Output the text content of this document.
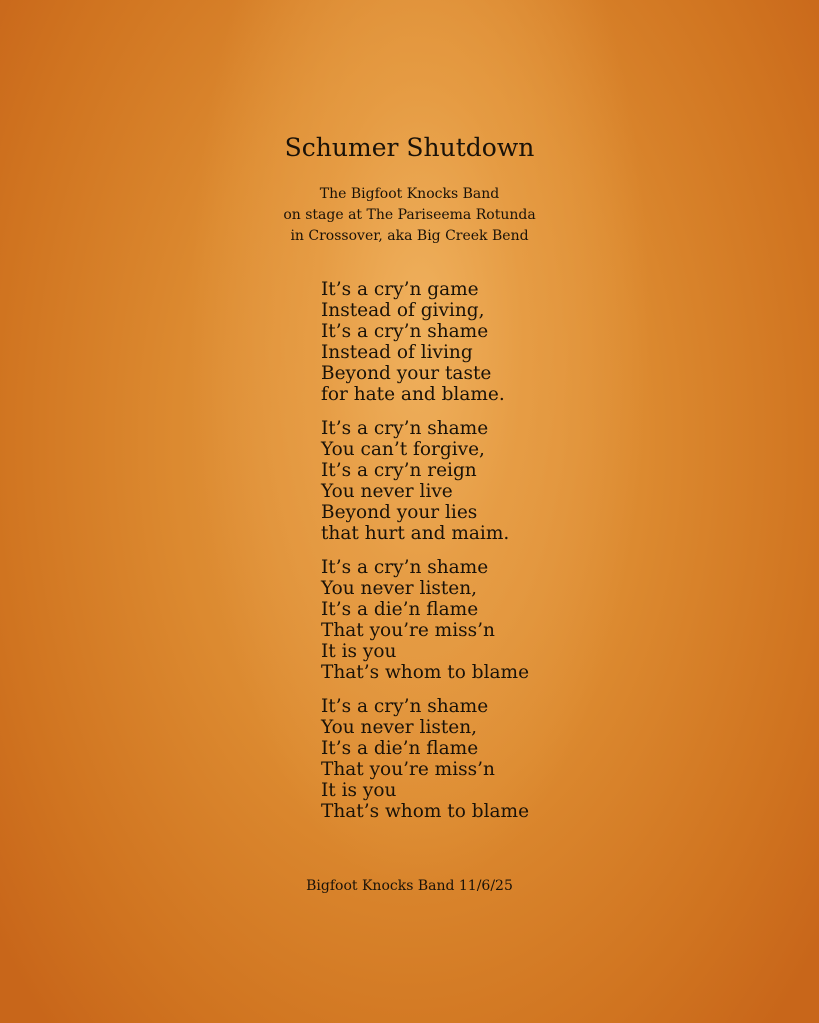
Schumer Shutdown
The Bigfoot Knocks Band
on stage at The Pariseema Rotunda
in Crossover, aka Big Creek Bend
It’s a cry’n game
Instead of giving,
It’s a cry’n shame
Instead of living
Beyond your taste
for hate and blame.
It’s a cry’n shame
You can’t forgive,
It’s a cry’n reign
You never live
Beyond your lies
that hurt and maim.
It’s a cry’n shame
You never listen,
It’s a die’n flame
That you’re miss’n
It is you
That’s whom to blame
It’s a cry’n shame
You never listen,
It’s a die’n flame
That you’re miss’n
It is you
That’s whom to blame
Bigfoot Knocks Band 11/6/25
